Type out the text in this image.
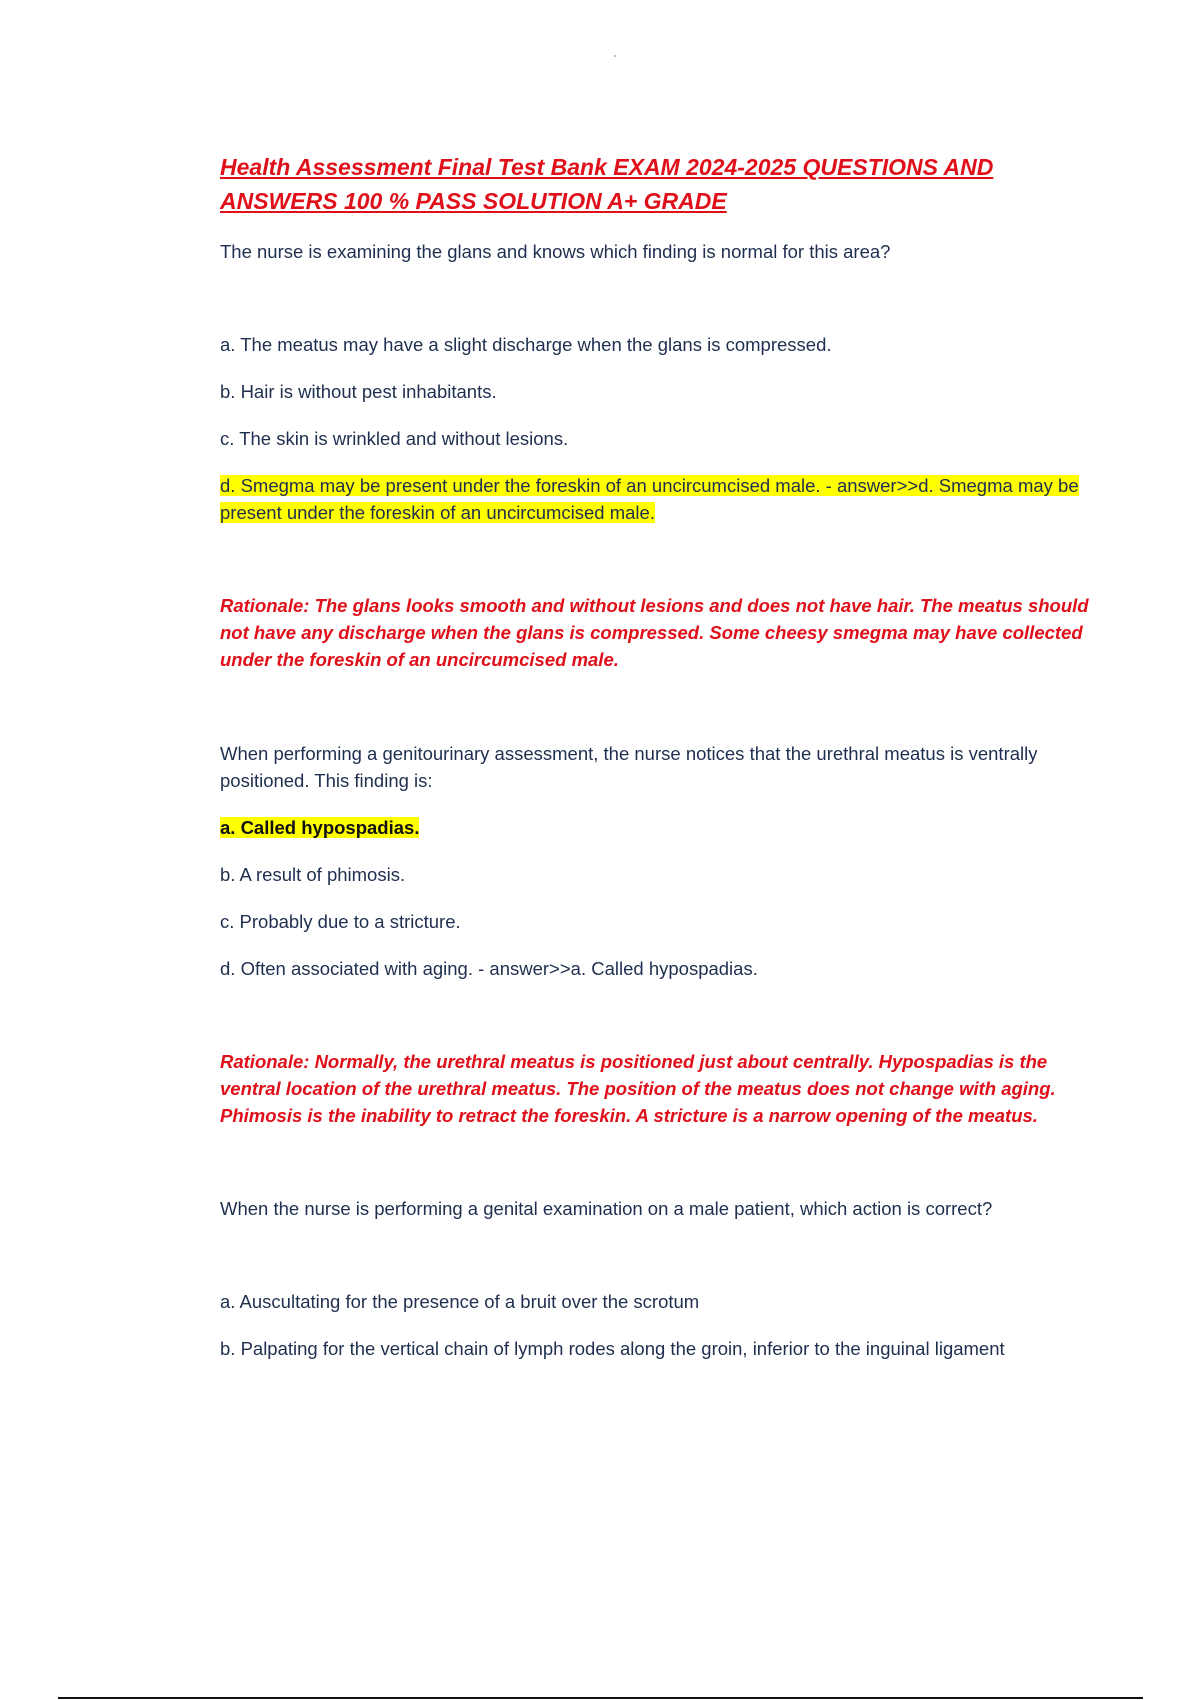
Health Assessment Final Test Bank EXAM 2024-2025 QUESTIONS AND ANSWERS 100 % PASS SOLUTION A+ GRADE

The nurse is examining the glans and knows which finding is normal for this area?

a. The meatus may have a slight discharge when the glans is compressed.

b. Hair is without pest inhabitants.

c. The skin is wrinkled and without lesions.

d. Smegma may be present under the foreskin of an uncircumcised male. - answer>>d. Smegma may be present under the foreskin of an uncircumcised male.

Rationale: The glans looks smooth and without lesions and does not have hair. The meatus should not have any discharge when the glans is compressed. Some cheesy smegma may have collected under the foreskin of an uncircumcised male.

When performing a genitourinary assessment, the nurse notices that the urethral meatus is ventrally positioned. This finding is:

a. Called hypospadias.

b. A result of phimosis.

c. Probably due to a stricture.

d. Often associated with aging. - answer>>a. Called hypospadias.

Rationale: Normally, the urethral meatus is positioned just about centrally. Hypospadias is the ventral location of the urethral meatus. The position of the meatus does not change with aging. Phimosis is the inability to retract the foreskin. A stricture is a narrow opening of the meatus.

When the nurse is performing a genital examination on a male patient, which action is correct?

a. Auscultating for the presence of a bruit over the scrotum

b. Palpating for the vertical chain of lymph rodes along the groin, inferior to the inguinal ligament
